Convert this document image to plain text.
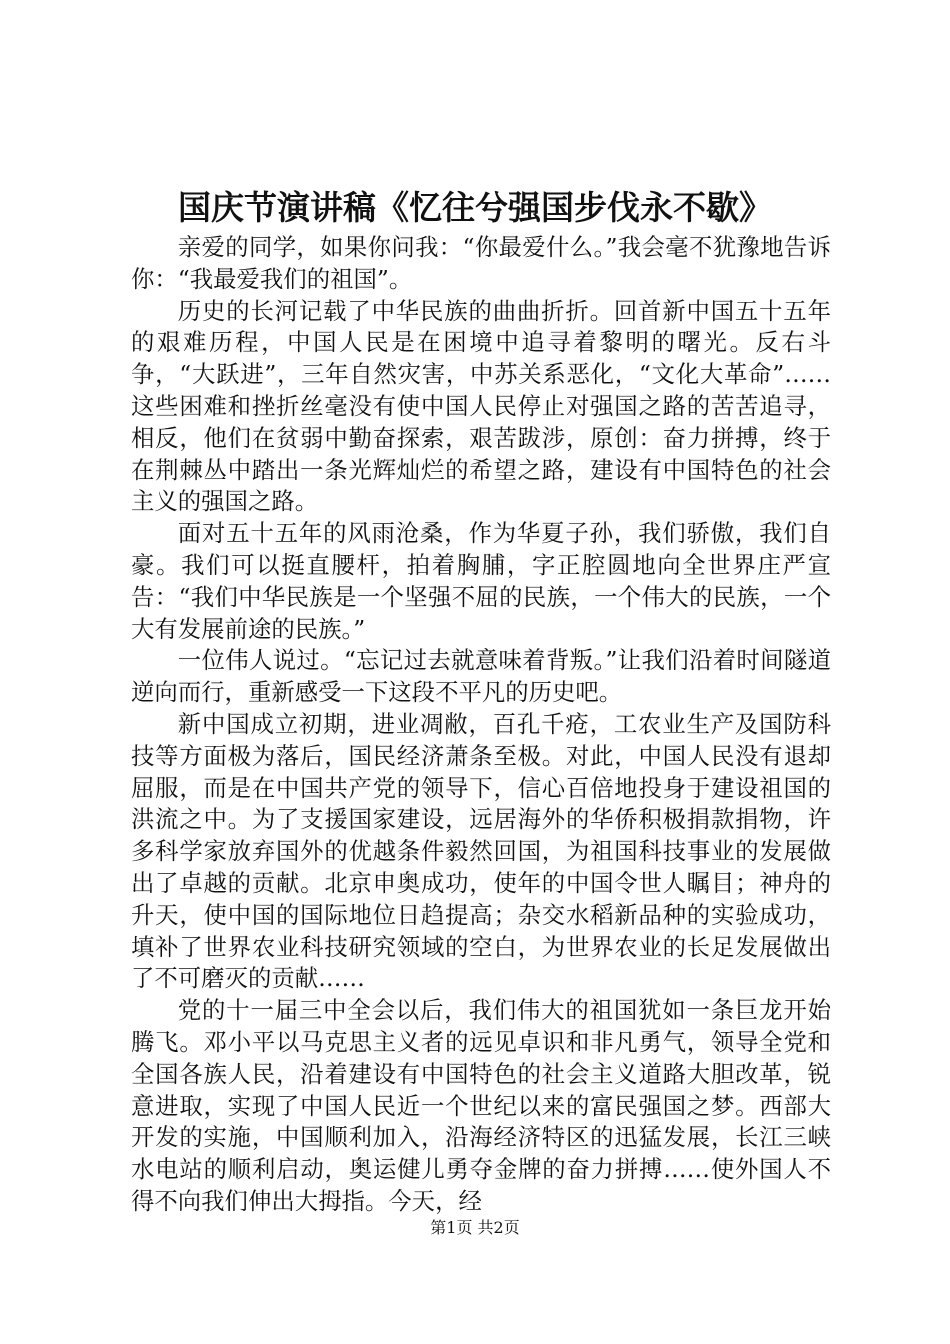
国庆节演讲稿《忆往兮强国步伐永不歇》

亲爱的同学，如果你问我：“你最爱什么。”我会毫不犹豫地告诉你：“我最爱我们的祖国”。

历史的长河记载了中华民族的曲曲折折。回首新中国五十五年的艰难历程，中国人民是在困境中追寻着黎明的曙光。反右斗争，“大跃进”，三年自然灾害，中苏关系恶化，“文化大革命”……这些困难和挫折丝毫没有使中国人民停止对强国之路的苦苦追寻，相反，他们在贫弱中勤奋探索，艰苦跋涉，原创：奋力拼搏，终于在荆棘丛中踏出一条光辉灿烂的希望之路，建设有中国特色的社会主义的强国之路。

面对五十五年的风雨沧桑，作为华夏子孙，我们骄傲，我们自豪。我们可以挺直腰杆，拍着胸脯，字正腔圆地向全世界庄严宣告：“我们中华民族是一个坚强不屈的民族，一个伟大的民族，一个大有发展前途的民族。”

一位伟人说过。“忘记过去就意味着背叛。”让我们沿着时间隧道逆向而行，重新感受一下这段不平凡的历史吧。

新中国成立初期，进业凋敝，百孔千疮，工农业生产及国防科技等方面极为落后，国民经济萧条至极。对此，中国人民没有退却屈服，而是在中国共产党的领导下，信心百倍地投身于建设祖国的洪流之中。为了支援国家建设，远居海外的华侨积极捐款捐物，许多科学家放弃国外的优越条件毅然回国，为祖国科技事业的发展做出了卓越的贡献。北京申奥成功，使年的中国令世人瞩目；神舟的升天，使中国的国际地位日趋提高；杂交水稻新品种的实验成功，填补了世界农业科技研究领域的空白，为世界农业的长足发展做出了不可磨灭的贡献……

党的十一届三中全会以后，我们伟大的祖国犹如一条巨龙开始腾飞。邓小平以马克思主义者的远见卓识和非凡勇气，领导全党和全国各族人民，沿着建设有中国特色的社会主义道路大胆改革，锐意进取，实现了中国人民近一个世纪以来的富民强国之梦。西部大开发的实施，中国顺利加入，沿海经济特区的迅猛发展，长江三峡水电站的顺利启动，奥运健儿勇夺金牌的奋力拼搏……使外国人不得不向我们伸出大拇指。今天，经

第1页 共2页
